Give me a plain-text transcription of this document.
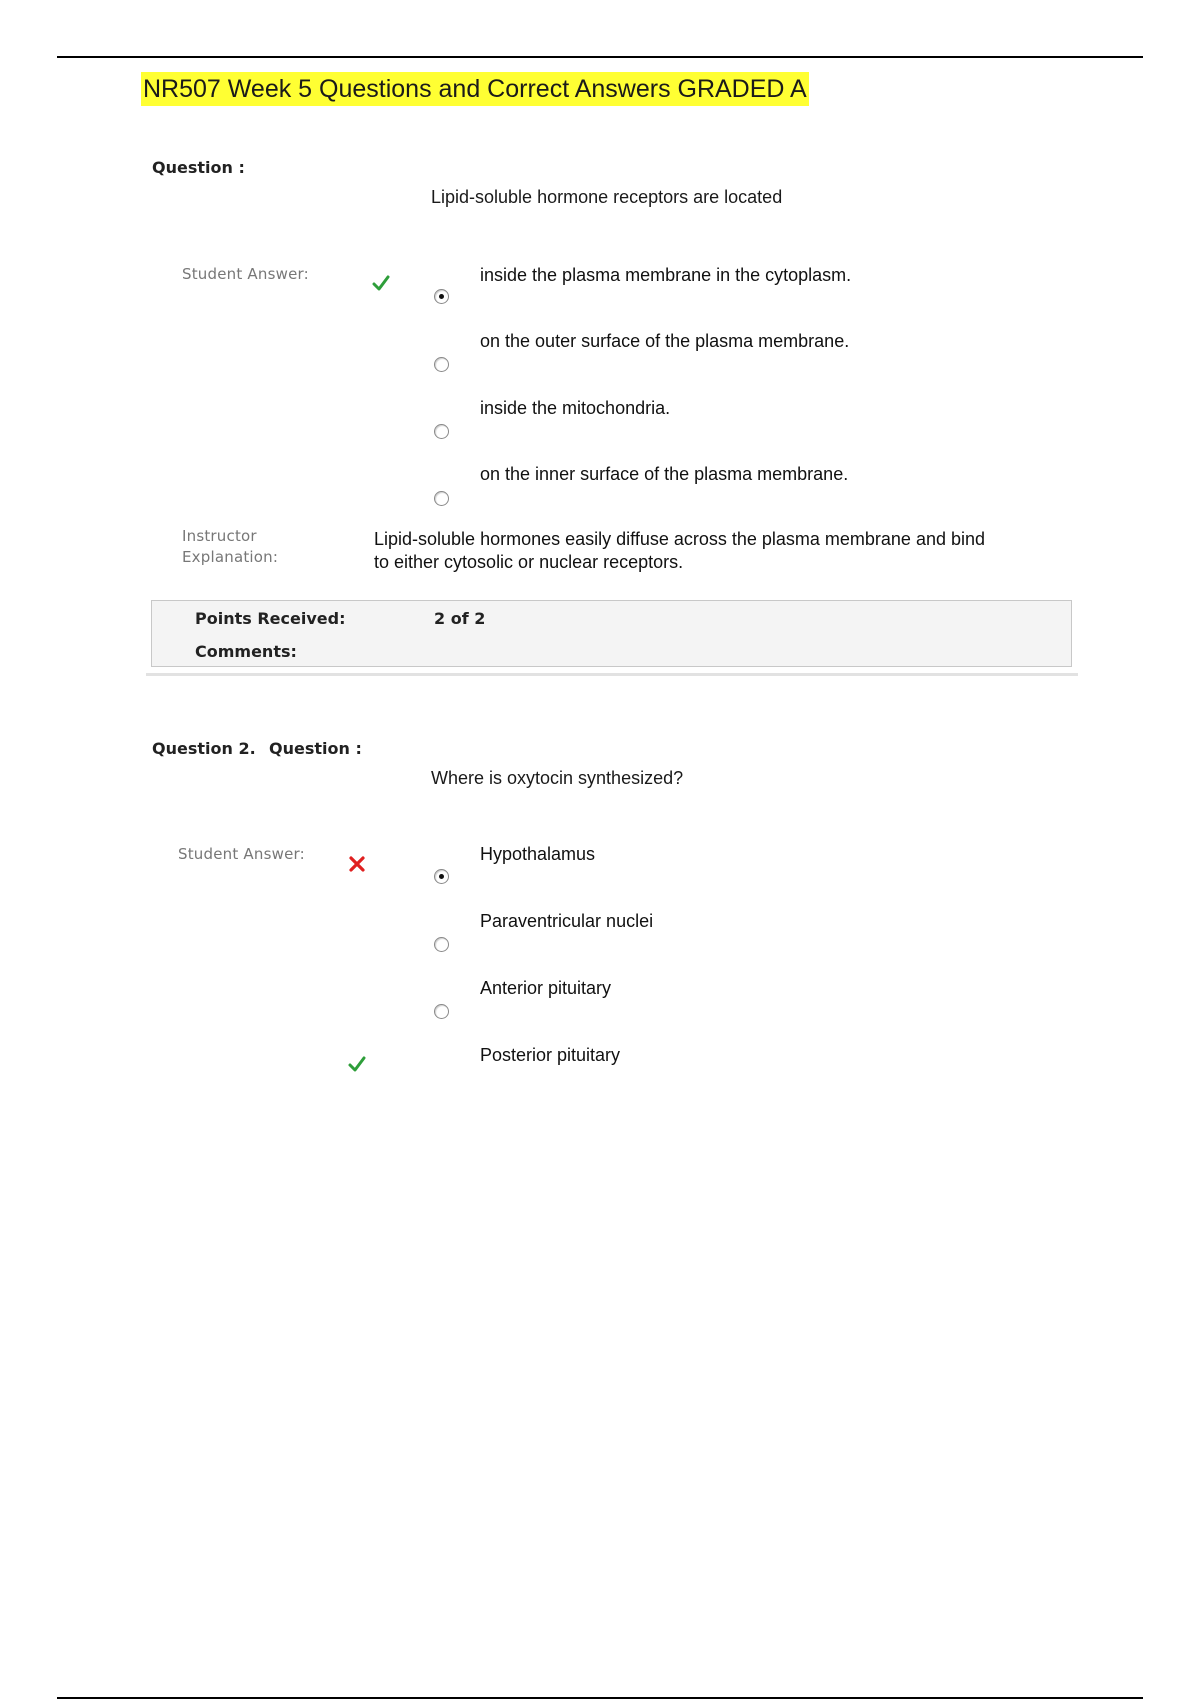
NR507 Week 5 Questions and Correct Answers GRADED A
Question :
Lipid-soluble hormone receptors are located
Student Answer:	inside the plasma membrane in the cytoplasm.
on the outer surface of the plasma membrane.
inside the mitochondria.
on the inner surface of the plasma membrane.
Instructor
Explanation:
Lipid-soluble hormones easily diffuse across the plasma membrane and bind
to either cytosolic or nuclear receptors.
Points Received:	2 of 2
Comments:
Question 2. Question :
Where is oxytocin synthesized?
Student Answer:	Hypothalamus
Paraventricular nuclei
Anterior pituitary
Posterior pituitary
